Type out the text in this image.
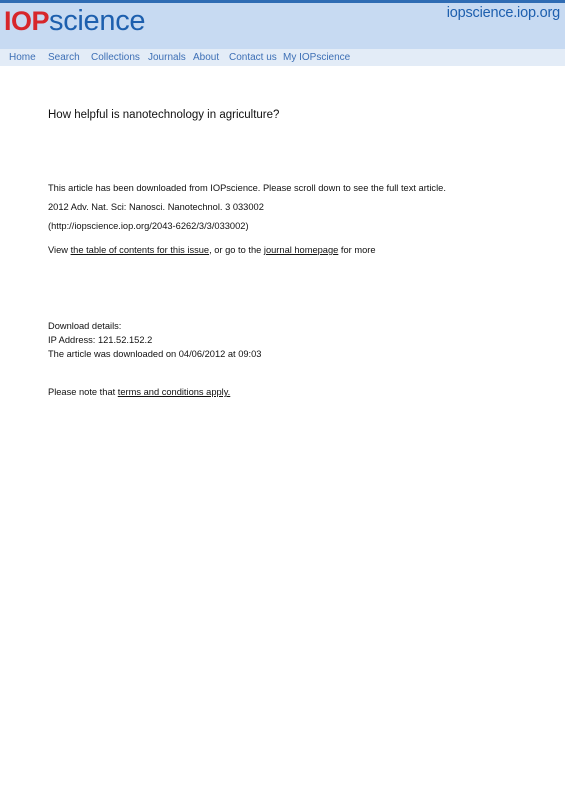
IOPscience	iopscience.iop.org
Home Search Collections Journals About Contact us My IOPscience
How helpful is nanotechnology in agriculture?
This article has been downloaded from IOPscience. Please scroll down to see the full text article.
2012 Adv. Nat. Sci: Nanosci. Nanotechnol. 3 033002
(http://iopscience.iop.org/2043-6262/3/3/033002)
View the table of contents for this issue, or go to the journal homepage for more
Download details:
IP Address: 121.52.152.2
The article was downloaded on 04/06/2012 at 09:03
Please note that terms and conditions apply.
